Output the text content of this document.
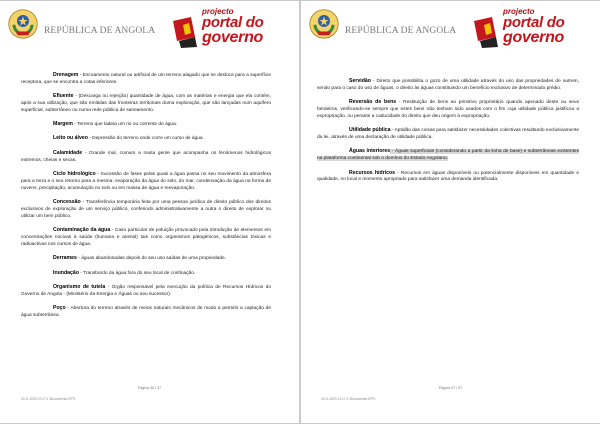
REPÚBLICA DE ANGOLA
projecto
portal do
governo

Drenagem - Escoamento natural ou artificial de um terreno alagado que se desloca para a superfície receptora, que se encontra a cotas inferiores.

Efluente - (Descarga ou rejeição) quantidade de água, com as matérias e energia que ela contém, após a sua utilização, que são emitidas das fronteiras territoriais duma exploração, que são lançadas num aquífero superficial, subterrâneo ou numa rede pública de saneamento.

Margem - Terreno que ladeia um rio ou corrente de água.

Leito ou álveo - Depressão do terreno onde corre um curso de água.

Calamidade - Grande mal, comum a muita gente que acompanha os fenómenos hidrológicos extremos, cheias e secas.

Ciclo hidrológico - Sucessão de fases pelas quais a água passa no seu movimento da atmosfera para a terra e o seu retorno para a mesma: evaporação da água do solo, do mar, condensação da água na forma de nuvens, precipitação, acumulação no solo ou em massa de água e reevaporação.

Concessão - Transferência temporária feita por uma pessoa jurídica de direito público dos direitos exclusivos de exploração de um serviço público, conferindo administrativamente a outra o direito de explorar ou utilizar um bem público.

Contaminação da água - Caso particular de poluição provocado pela introdução de elementos em concentrações nocivas à saúde (humana e animal) tais como organismos patogénicos, substâncias tóxicas e radioactivas nos cursos de água.

Derrames - águas abandonadas depois do seu uso saídas de uma propriedade.

Inundação - Transbordo da água fora do seu local de confinação.

Organismo de tutela - Órgão responsável pela execução da política de Recursos Hídricos do Governo de Angola - (Ministério da Energia e Águas ou seu sucessor).

Poço - Abertura do terreno através de meios naturais mecânicos de modo a permitir a captação de água subterrânea.

Página 36 / 37
03.11.2009 12:17:1 3Documento1PPS
REPÚBLICA DE ANGOLA
projecto
portal do
governo

Servidão - Direito que possibilita o gozo de uma utilidade através do uso das propriedades de outrem, sendo para o caso do uso de águas, o direito às águas constituindo um benefício exclusivo de determinado prédio.

Reversão de bens - Restituição de bens ao primitivo proprietário quando apenado deste ou seus herdeiros, verificando-se sempre que estes bens não tenham sido usados com o fim cuja utilidade pública justificou a expropriação, ou perante a caducidade do direito que deu origem à expropriação.

Utilidade pública - Aptidão das coisas para satisfazer necessidades colectivas resultando exclusivamente da lei, através de uma declaração de utilidade pública.

Águas interiores - Águas superficiais (considerando a partir da linha de base) e subterrâneas existentes na plataforma continental sob o domínio do Estado Angolano.

Recursos hídricos - Recursos em águas disponíveis ou potencialmente disponíveis em quantidade e qualidade, no local e momento apropriado para satisfazer uma demanda identificada.

Página 37 / 37
03.11.2009 12:17:1 3Documento1PPS
